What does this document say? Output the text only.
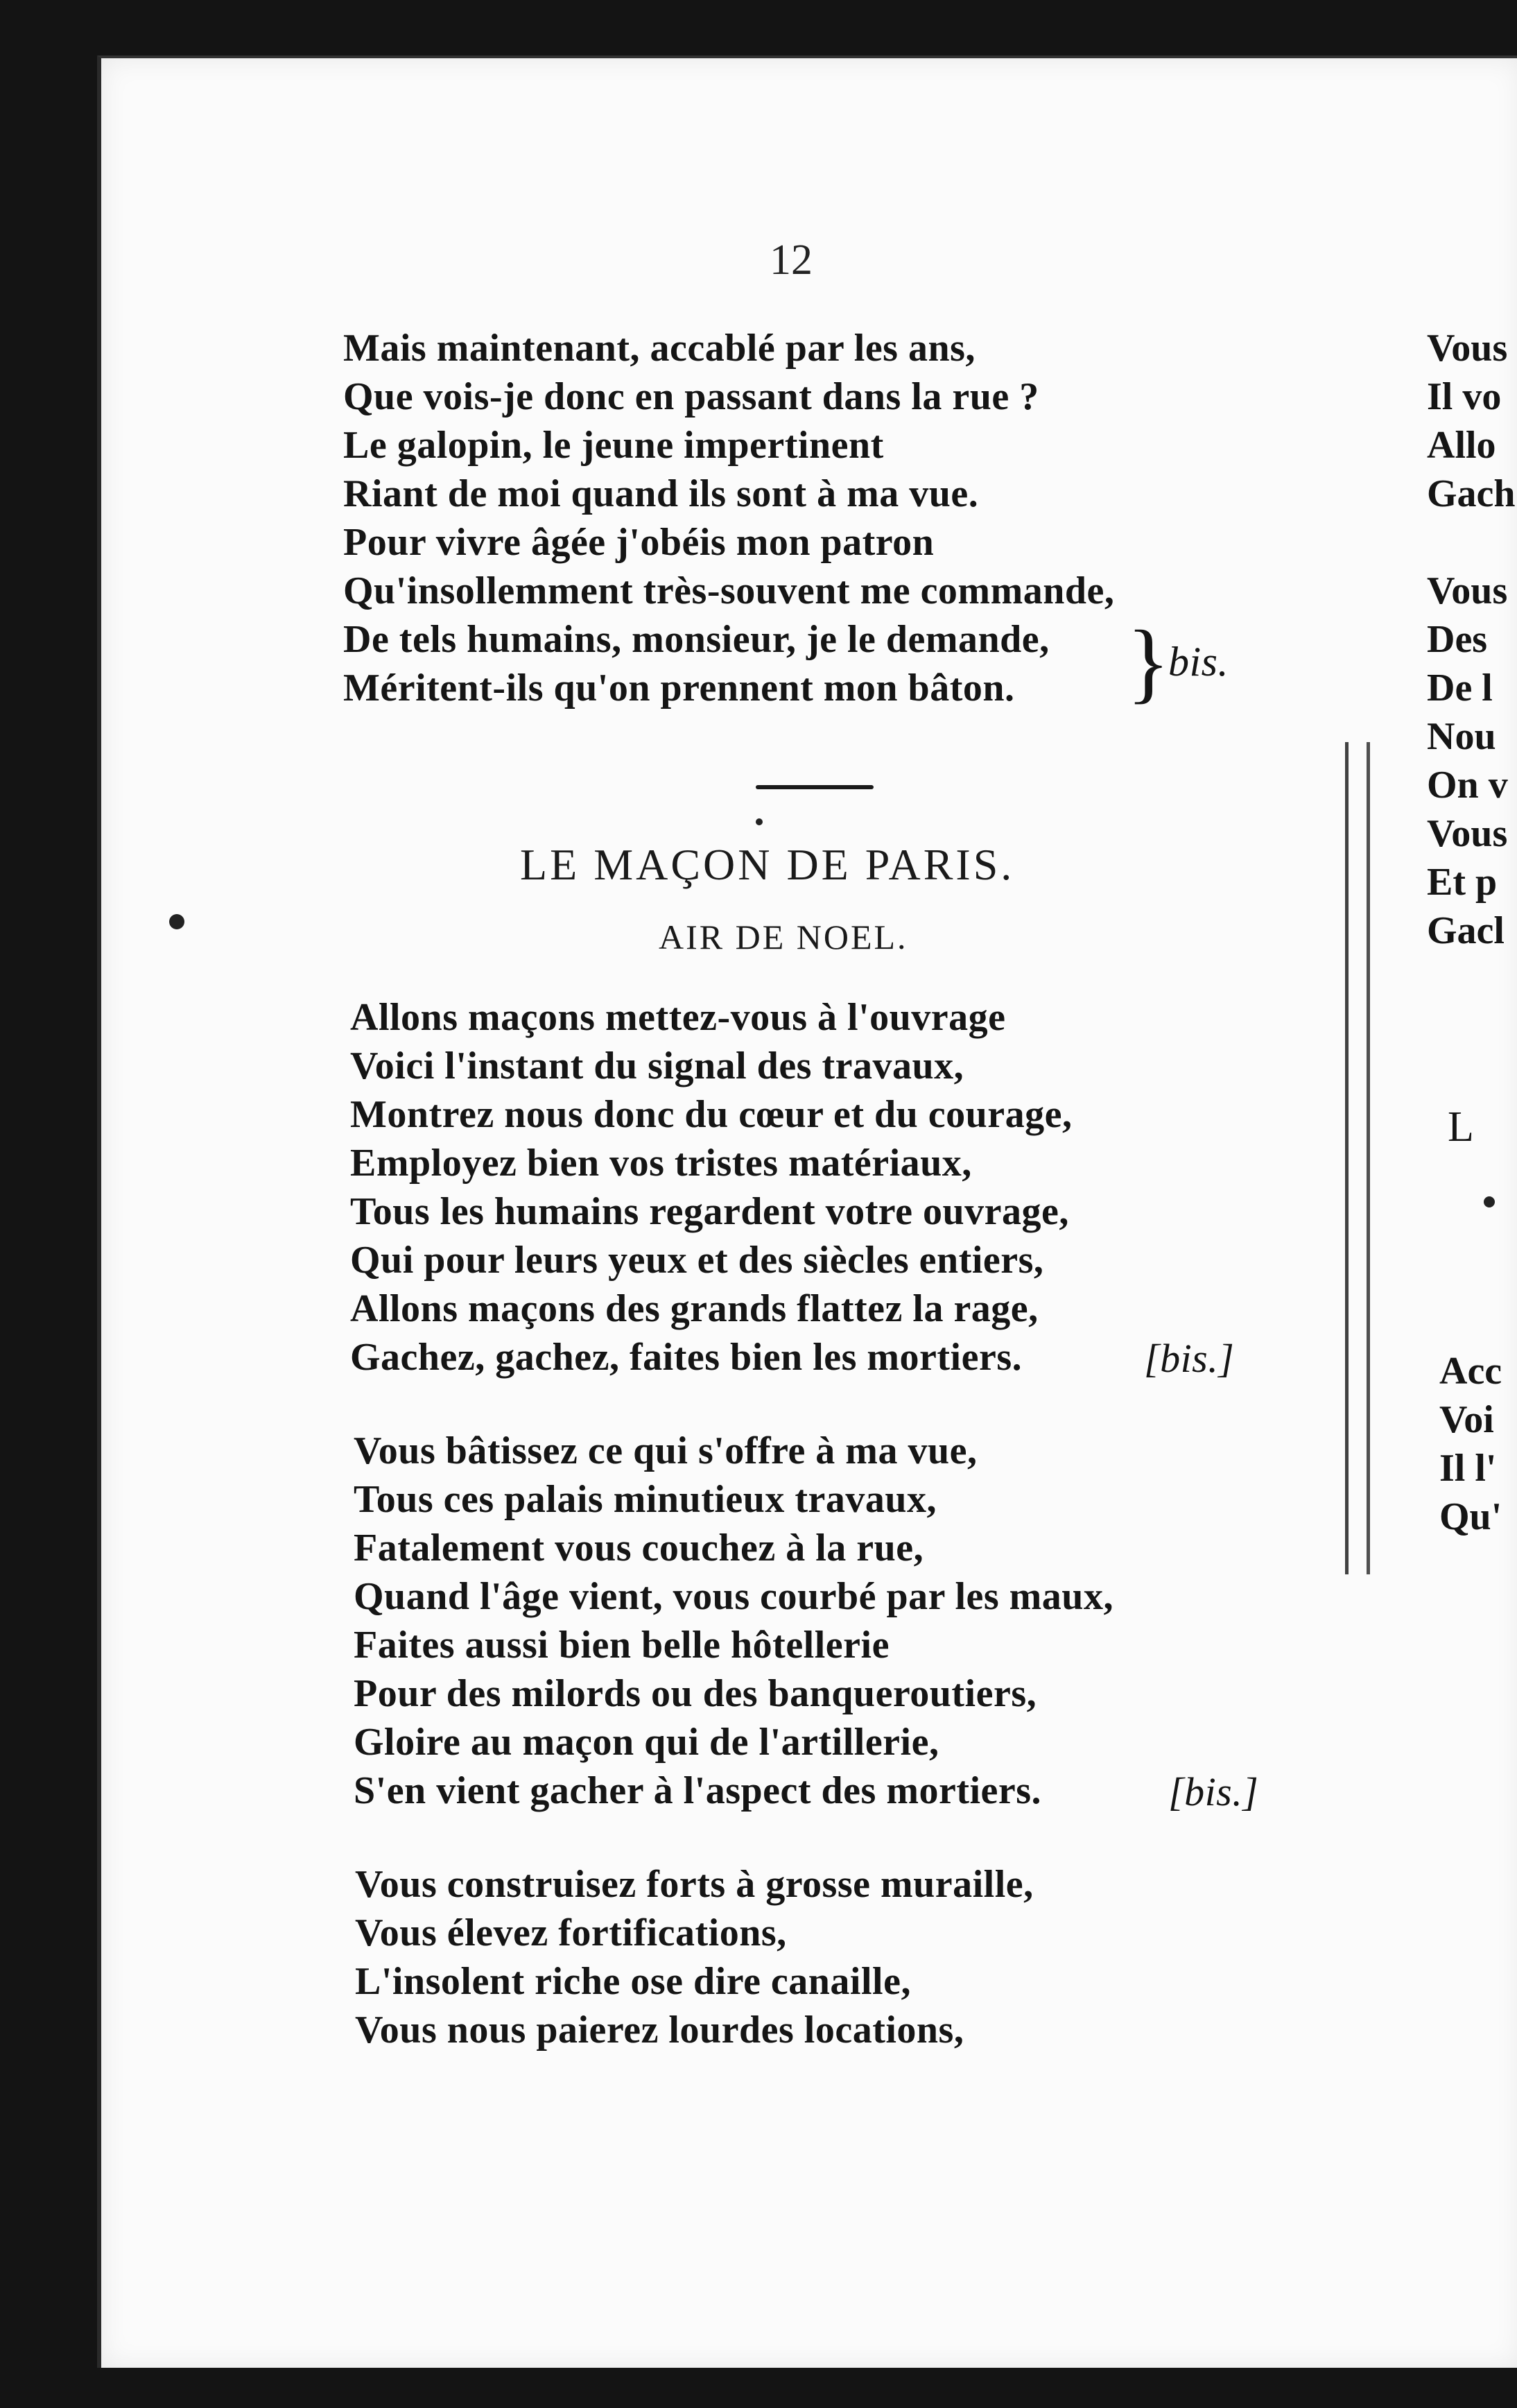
12
Mais maintenant, accablé par les ans,
Que vois-je donc en passant dans la rue ?
Le galopin, le jeune impertinent
Riant de moi quand ils sont à ma vue.
Pour vivre âgée j'obéis mon patron
Qu'insollemment très-souvent me commande,
De tels humains, monsieur, je le demande,
Méritent-ils qu'on prennent mon bâton. }
bis.
LE MAÇON DE PARIS.
AIR DE NOEL.
Allons maçons mettez-vous à l'ouvrage
Voici l'instant du signal des travaux,
Montrez nous donc du cœur et du courage,
Employez bien vos tristes matériaux,
Tous les humains regardent votre ouvrage,
Qui pour leurs yeux et des siècles entiers,
Allons maçons des grands flattez la rage,
Gachez, gachez, faites bien les mortiers.	[bis.]
Vous bâtissez ce qui s'offre à ma vue,
Tous ces palais minutieux travaux,
Fatalement vous couchez à la rue,
Quand l'âge vient, vous courbé par les maux,
Faites aussi bien belle hôtellerie
Pour des milords ou des banqueroutiers,
Gloire au maçon qui de l'artillerie,
S'en vient gacher à l'aspect des mortiers.	[bis.]
Vous construisez forts à grosse muraille,
Vous élevez fortifications,
L'insolent riche ose dire canaille,
Vous nous paierez lourdes locations,
Vous
Il vo
Allo
Gach
Vous
Des
De l
Nou
On v
Vous
Et p
Gacl
L
Acc
Voi
Il l'
Qu'
